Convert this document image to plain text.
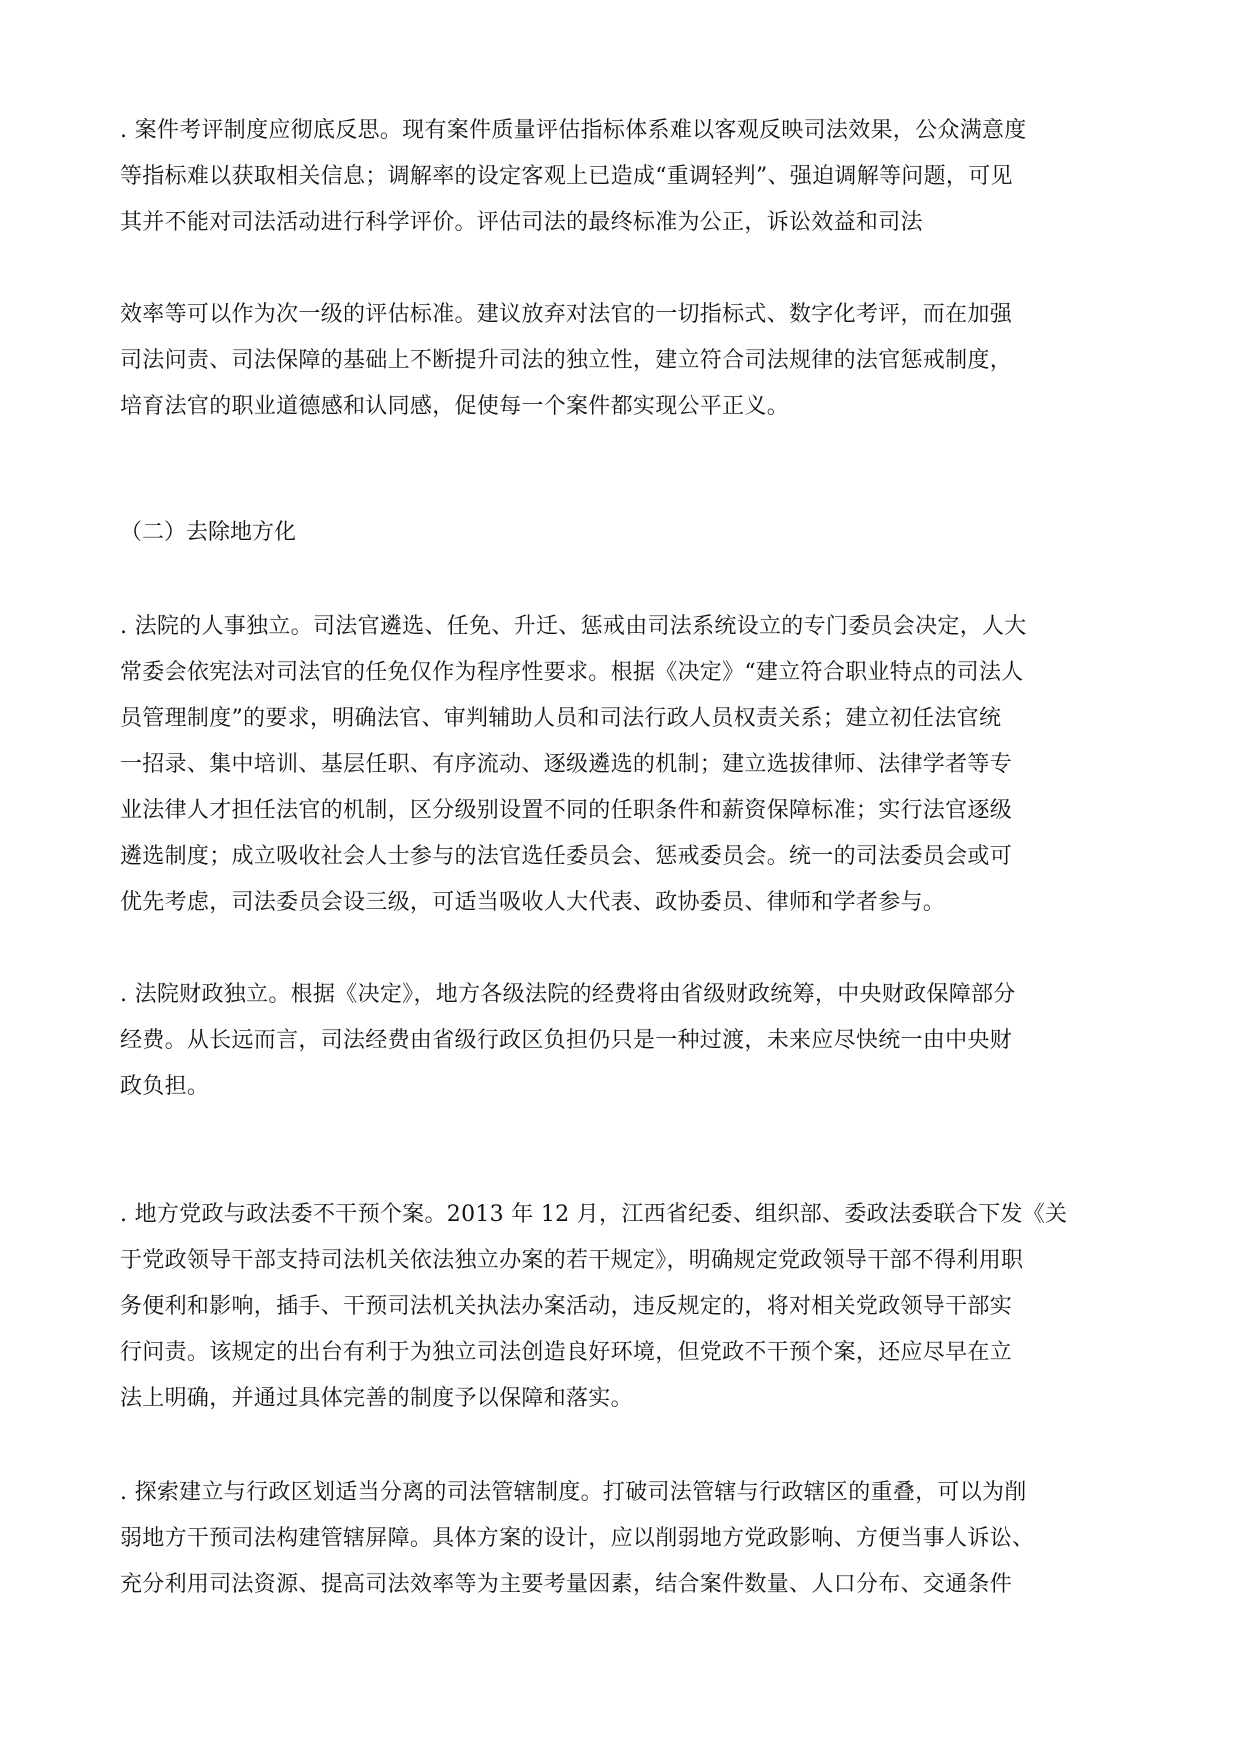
. 案件考评制度应彻底反思。现有案件质量评估指标体系难以客观反映司法效果，公众满意度
等指标难以获取相关信息；调解率的设定客观上已造成“重调轻判”、强迫调解等问题，可见
其并不能对司法活动进行科学评价。评估司法的最终标准为公正，诉讼效益和司法
效率等可以作为次一级的评估标准。建议放弃对法官的一切指标式、数字化考评，而在加强
司法问责、司法保障的基础上不断提升司法的独立性，建立符合司法规律的法官惩戒制度，
培育法官的职业道德感和认同感，促使每一个案件都实现公平正义。
（二）去除地方化
. 法院的人事独立。司法官遴选、任免、升迁、惩戒由司法系统设立的专门委员会决定，人大
常委会依宪法对司法官的任免仅作为程序性要求。根据《决定》“建立符合职业特点的司法人
员管理制度”的要求，明确法官、审判辅助人员和司法行政人员权责关系；建立初任法官统
一招录、集中培训、基层任职、有序流动、逐级遴选的机制；建立选拔律师、法律学者等专
业法律人才担任法官的机制，区分级别设置不同的任职条件和薪资保障标准；实行法官逐级
遴选制度；成立吸收社会人士参与的法官选任委员会、惩戒委员会。统一的司法委员会或可
优先考虑，司法委员会设三级，可适当吸收人大代表、政协委员、律师和学者参与。
. 法院财政独立。根据《决定》，地方各级法院的经费将由省级财政统筹，中央财政保障部分
经费。从长远而言，司法经费由省级行政区负担仍只是一种过渡，未来应尽快统一由中央财
政负担。
. 地方党政与政法委不干预个案。2013 年 12 月，江西省纪委、组织部、委政法委联合下发《关
于党政领导干部支持司法机关依法独立办案的若干规定》，明确规定党政领导干部不得利用职
务便利和影响，插手、干预司法机关执法办案活动，违反规定的，将对相关党政领导干部实
行问责。该规定的出台有利于为独立司法创造良好环境，但党政不干预个案，还应尽早在立
法上明确，并通过具体完善的制度予以保障和落实。
. 探索建立与行政区划适当分离的司法管辖制度。打破司法管辖与行政辖区的重叠，可以为削
弱地方干预司法构建管辖屏障。具体方案的设计，应以削弱地方党政影响、方便当事人诉讼、
充分利用司法资源、提高司法效率等为主要考量因素，结合案件数量、人口分布、交通条件
